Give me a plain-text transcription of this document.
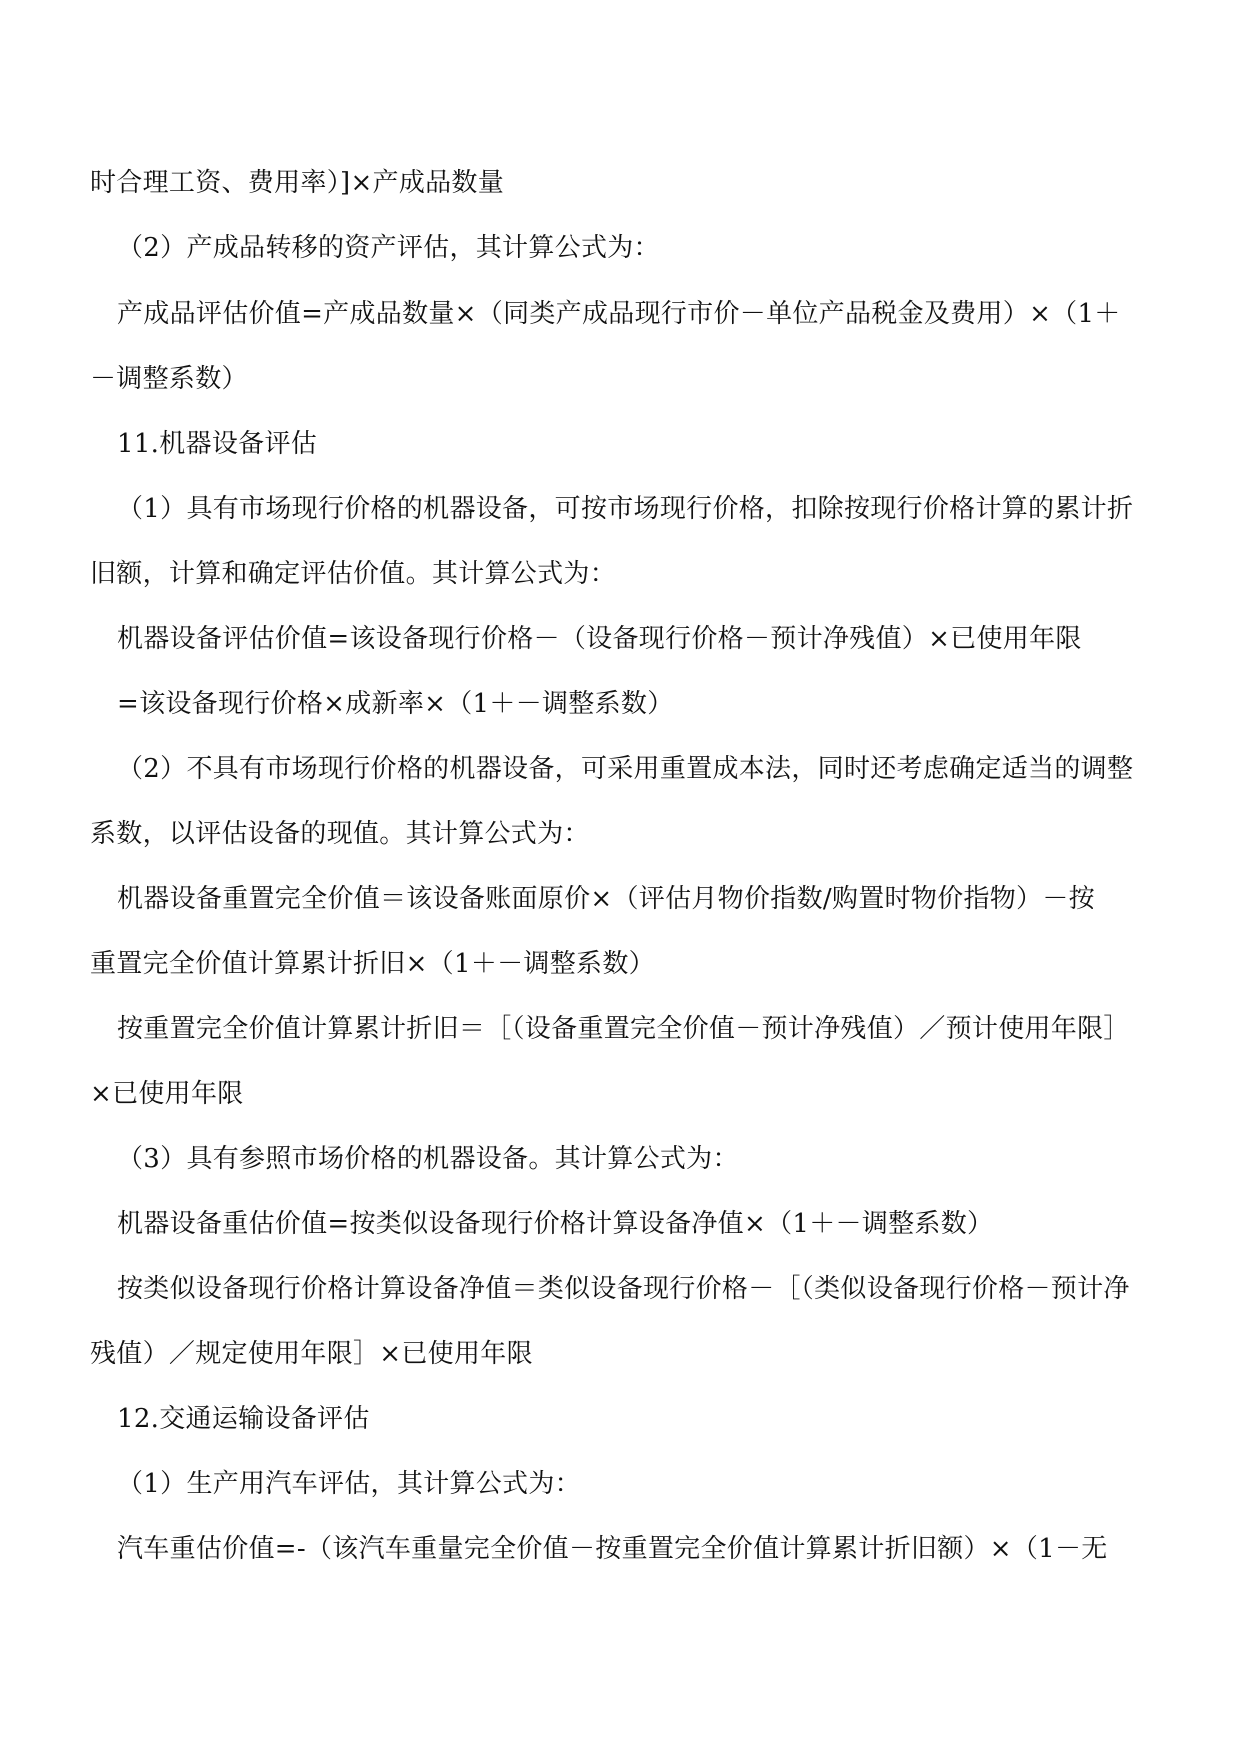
时合理工资、费用率）]×产成品数量
（2）产成品转移的资产评估，其计算公式为：
产成品评估价值=产成品数量×（同类产成品现行市价－单位产品税金及费用）×（1＋
－调整系数）
11.机器设备评估
（1）具有市场现行价格的机器设备，可按市场现行价格，扣除按现行价格计算的累计折
旧额，计算和确定评估价值。其计算公式为：
机器设备评估价值=该设备现行价格－（设备现行价格－预计净残值）×已使用年限
=该设备现行价格×成新率×（1＋－调整系数）
（2）不具有市场现行价格的机器设备，可采用重置成本法，同时还考虑确定适当的调整
系数，以评估设备的现值。其计算公式为：
机器设备重置完全价值＝该设备账面原价×（评估月物价指数/购置时物价指物）－按
重置完全价值计算累计折旧×（1＋－调整系数）
按重置完全价值计算累计折旧＝［（设备重置完全价值－预计净残值）／预计使用年限］
×已使用年限
（3）具有参照市场价格的机器设备。其计算公式为：
机器设备重估价值=按类似设备现行价格计算设备净值×（1＋－调整系数）
按类似设备现行价格计算设备净值＝类似设备现行价格－［（类似设备现行价格－预计净
残值）／规定使用年限］×已使用年限
12.交通运输设备评估
（1）生产用汽车评估，其计算公式为：
汽车重估价值=-（该汽车重量完全价值－按重置完全价值计算累计折旧额）×（1－无
